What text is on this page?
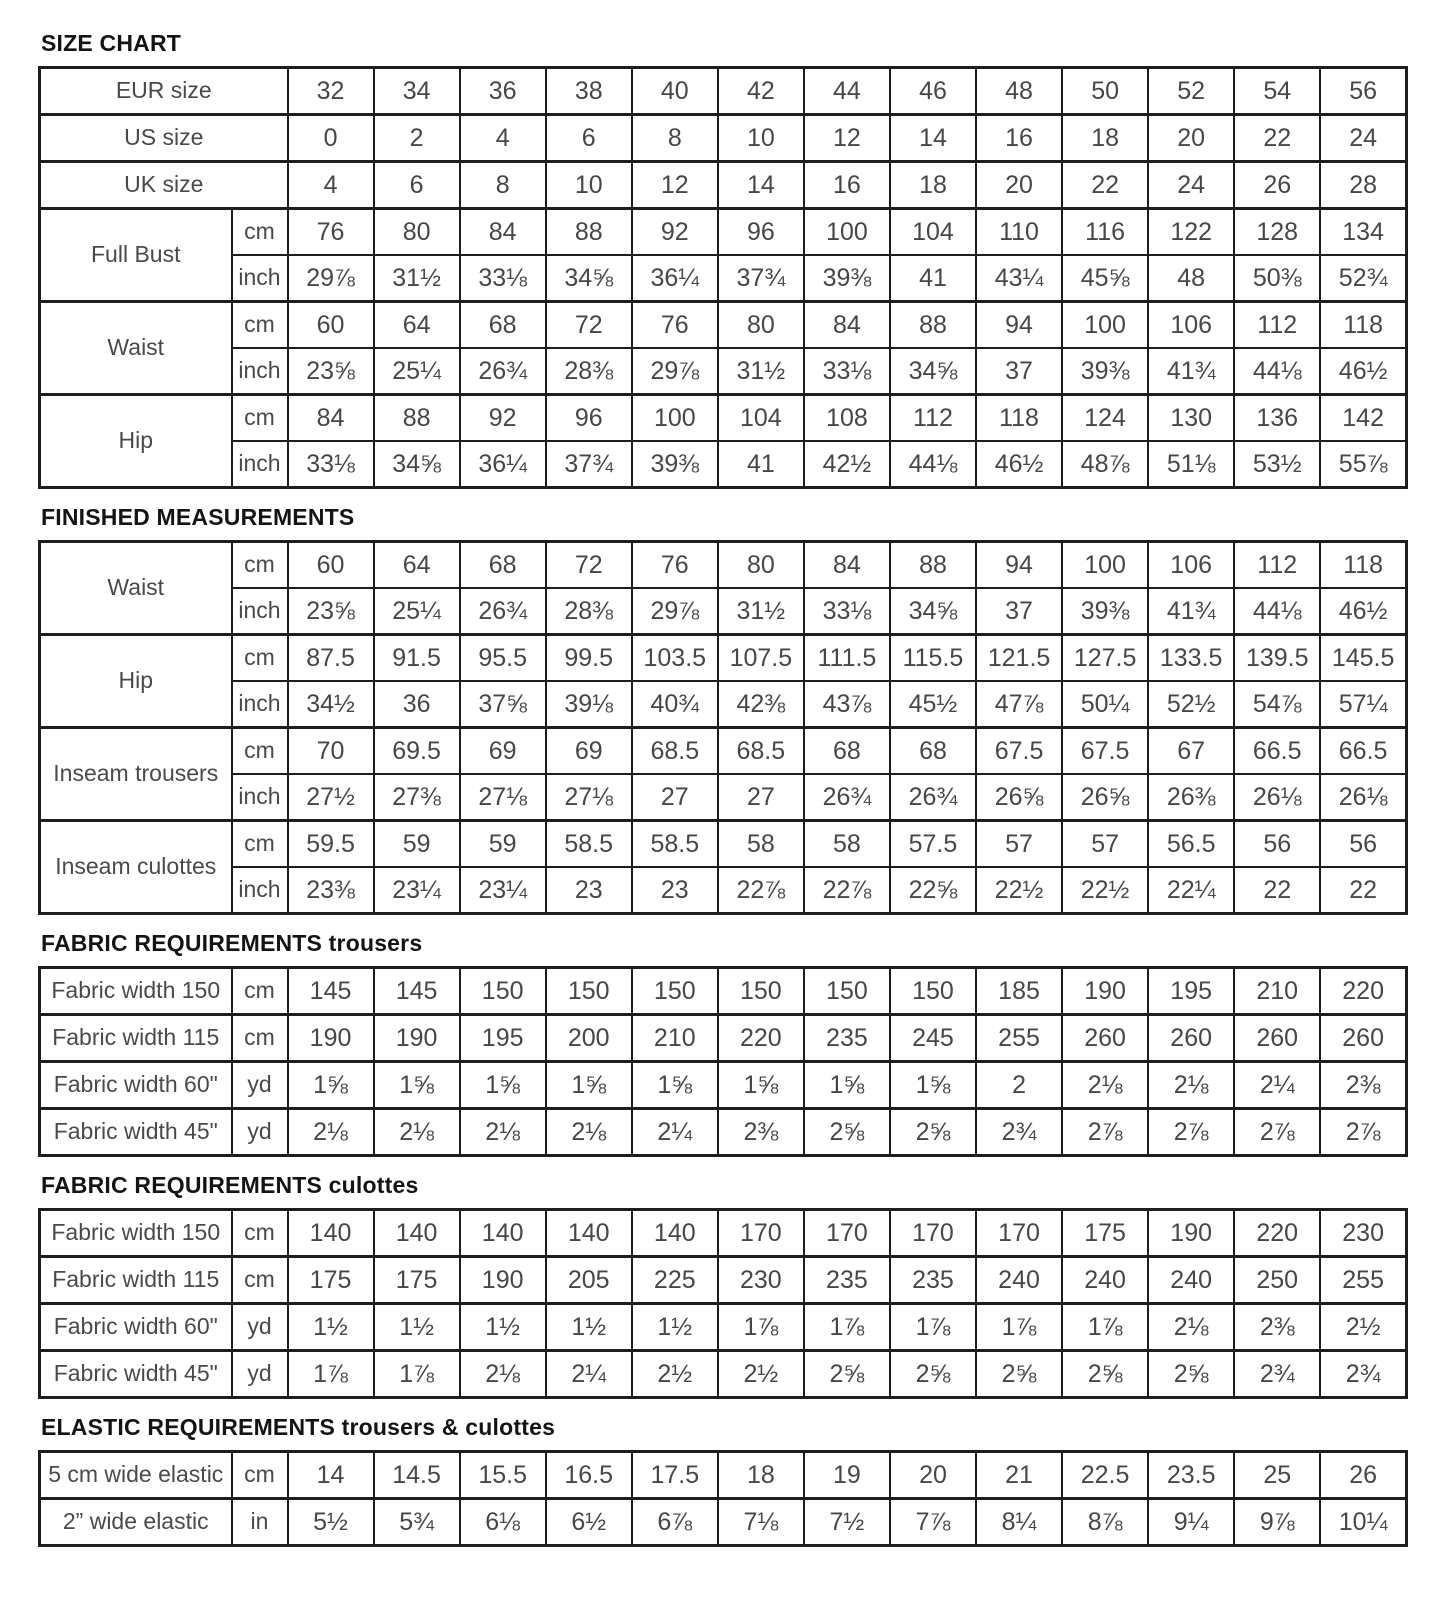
SIZE CHART
EUR size		32	34	36	38	40	42	44	46	48	50	52	54	56
US size		0	2	4	6	8	10	12	14	16	18	20	22	24
UK size		4	6	8	10	12	14	16	18	20	22	24	26	28
Full Bust	cm	76	80	84	88	92	96	100	104	110	116	122	128	134
	inch	29⅞	31½	33⅛	34⅝	36¼	37¾	39⅜	41	43¼	45⅝	48	50⅜	52¾
Waist	cm	60	64	68	72	76	80	84	88	94	100	106	112	118
	inch	23⅝	25¼	26¾	28⅜	29⅞	31½	33⅛	34⅝	37	39⅜	41¾	44⅛	46½
Hip	cm	84	88	92	96	100	104	108	112	118	124	130	136	142
	inch	33⅛	34⅝	36¼	37¾	39⅜	41	42½	44⅛	46½	48⅞	51⅛	53½	55⅞
FINISHED MEASUREMENTS
Waist	cm	60	64	68	72	76	80	84	88	94	100	106	112	118
	inch	23⅝	25¼	26¾	28⅜	29⅞	31½	33⅛	34⅝	37	39⅜	41¾	44⅛	46½
Hip	cm	87.5	91.5	95.5	99.5	103.5	107.5	111.5	115.5	121.5	127.5	133.5	139.5	145.5
	inch	34½	36	37⅝	39⅛	40¾	42⅜	43⅞	45½	47⅞	50¼	52½	54⅞	57¼
Inseam trousers	cm	70	69.5	69	69	68.5	68.5	68	68	67.5	67.5	67	66.5	66.5
	inch	27½	27⅜	27⅛	27⅛	27	27	26¾	26¾	26⅝	26⅝	26⅜	26⅛	26⅛
Inseam culottes	cm	59.5	59	59	58.5	58.5	58	58	57.5	57	57	56.5	56	56
	inch	23⅜	23¼	23¼	23	23	22⅞	22⅞	22⅝	22½	22½	22¼	22	22
FABRIC REQUIREMENTS trousers
Fabric width 150	cm	145	145	150	150	150	150	150	150	185	190	195	210	220
Fabric width 115	cm	190	190	195	200	210	220	235	245	255	260	260	260	260
Fabric width 60"	yd	1⅝	1⅝	1⅝	1⅝	1⅝	1⅝	1⅝	1⅝	2	2⅛	2⅛	2¼	2⅜
Fabric width 45"	yd	2⅛	2⅛	2⅛	2⅛	2¼	2⅜	2⅝	2⅝	2¾	2⅞	2⅞	2⅞	2⅞
FABRIC REQUIREMENTS culottes
Fabric width 150	cm	140	140	140	140	140	170	170	170	170	175	190	220	230
Fabric width 115	cm	175	175	190	205	225	230	235	235	240	240	240	250	255
Fabric width 60"	yd	1½	1½	1½	1½	1½	1⅞	1⅞	1⅞	1⅞	1⅞	2⅛	2⅜	2½
Fabric width 45"	yd	1⅞	1⅞	2⅛	2¼	2½	2½	2⅝	2⅝	2⅝	2⅝	2⅝	2¾	2¾
ELASTIC REQUIREMENTS trousers & culottes
5 cm wide elastic	cm	14	14.5	15.5	16.5	17.5	18	19	20	21	22.5	23.5	25	26
2” wide elastic	in	5½	5¾	6⅛	6½	6⅞	7⅛	7½	7⅞	8¼	8⅞	9¼	9⅞	10¼
